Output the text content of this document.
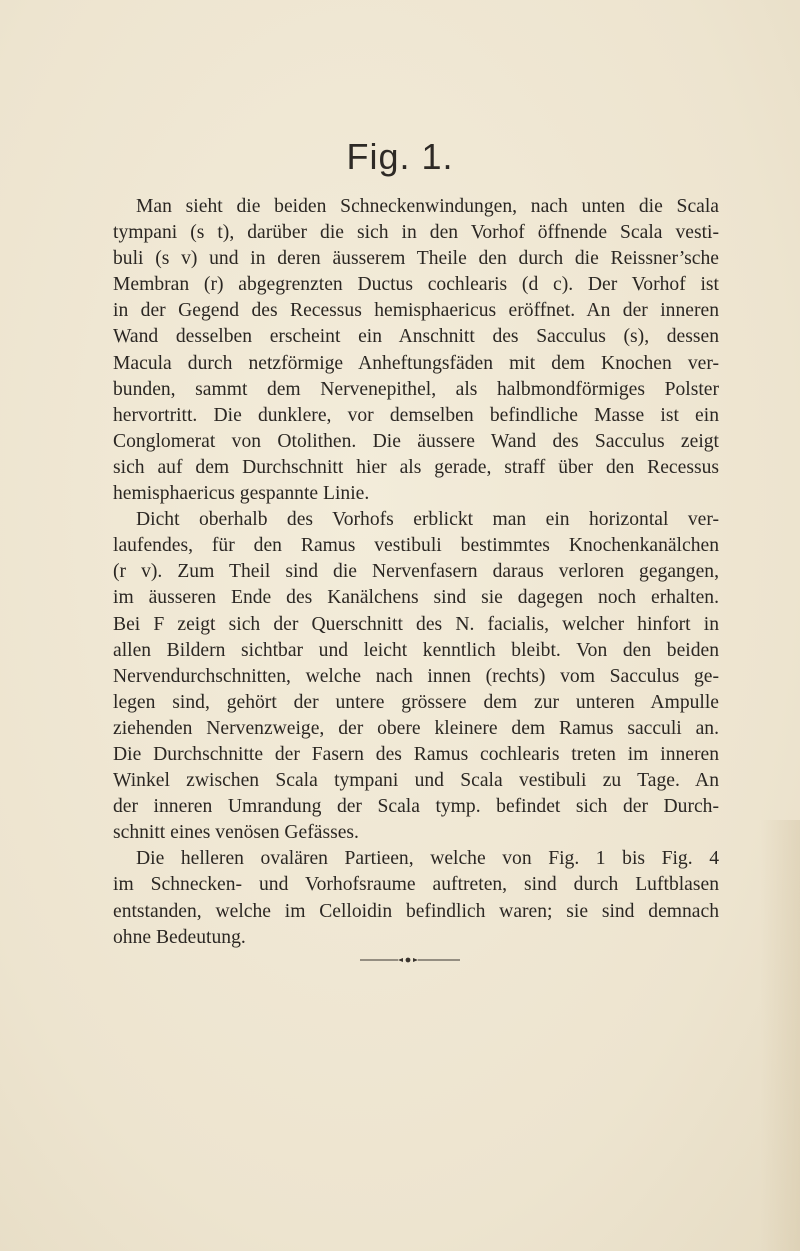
Fig. 1.
Man sieht die beiden Schneckenwindungen, nach unten die Scala
tympani (s t), darüber die sich in den Vorhof öffnende Scala vesti-
buli (s v) und in deren äusserem Theile den durch die Reissner’sche
Membran (r) abgegrenzten Ductus cochlearis (d c). Der Vorhof ist
in der Gegend des Recessus hemisphaericus eröffnet. An der inneren
Wand desselben erscheint ein Anschnitt des Sacculus (s), dessen
Macula durch netzförmige Anheftungsfäden mit dem Knochen ver-
bunden, sammt dem Nervenepithel, als halbmondförmiges Polster
hervortritt. Die dunklere, vor demselben befindliche Masse ist ein
Conglomerat von Otolithen. Die äussere Wand des Sacculus zeigt
sich auf dem Durchschnitt hier als gerade, straff über den Recessus
hemisphaericus gespannte Linie.
Dicht oberhalb des Vorhofs erblickt man ein horizontal ver-
laufendes, für den Ramus vestibuli bestimmtes Knochenkanälchen
(r v). Zum Theil sind die Nervenfasern daraus verloren gegangen,
im äusseren Ende des Kanälchens sind sie dagegen noch erhalten.
Bei F zeigt sich der Querschnitt des N. facialis, welcher hinfort in
allen Bildern sichtbar und leicht kenntlich bleibt. Von den beiden
Nervendurchschnitten, welche nach innen (rechts) vom Sacculus ge-
legen sind, gehört der untere grössere dem zur unteren Ampulle
ziehenden Nervenzweige, der obere kleinere dem Ramus sacculi an.
Die Durchschnitte der Fasern des Ramus cochlearis treten im inneren
Winkel zwischen Scala tympani und Scala vestibuli zu Tage. An
der inneren Umrandung der Scala tymp. befindet sich der Durch-
schnitt eines venösen Gefässes.
Die helleren ovalären Partieen, welche von Fig. 1 bis Fig. 4
im Schnecken- und Vorhofsraume auftreten, sind durch Luftblasen
entstanden, welche im Celloidin befindlich waren; sie sind demnach
ohne Bedeutung.
